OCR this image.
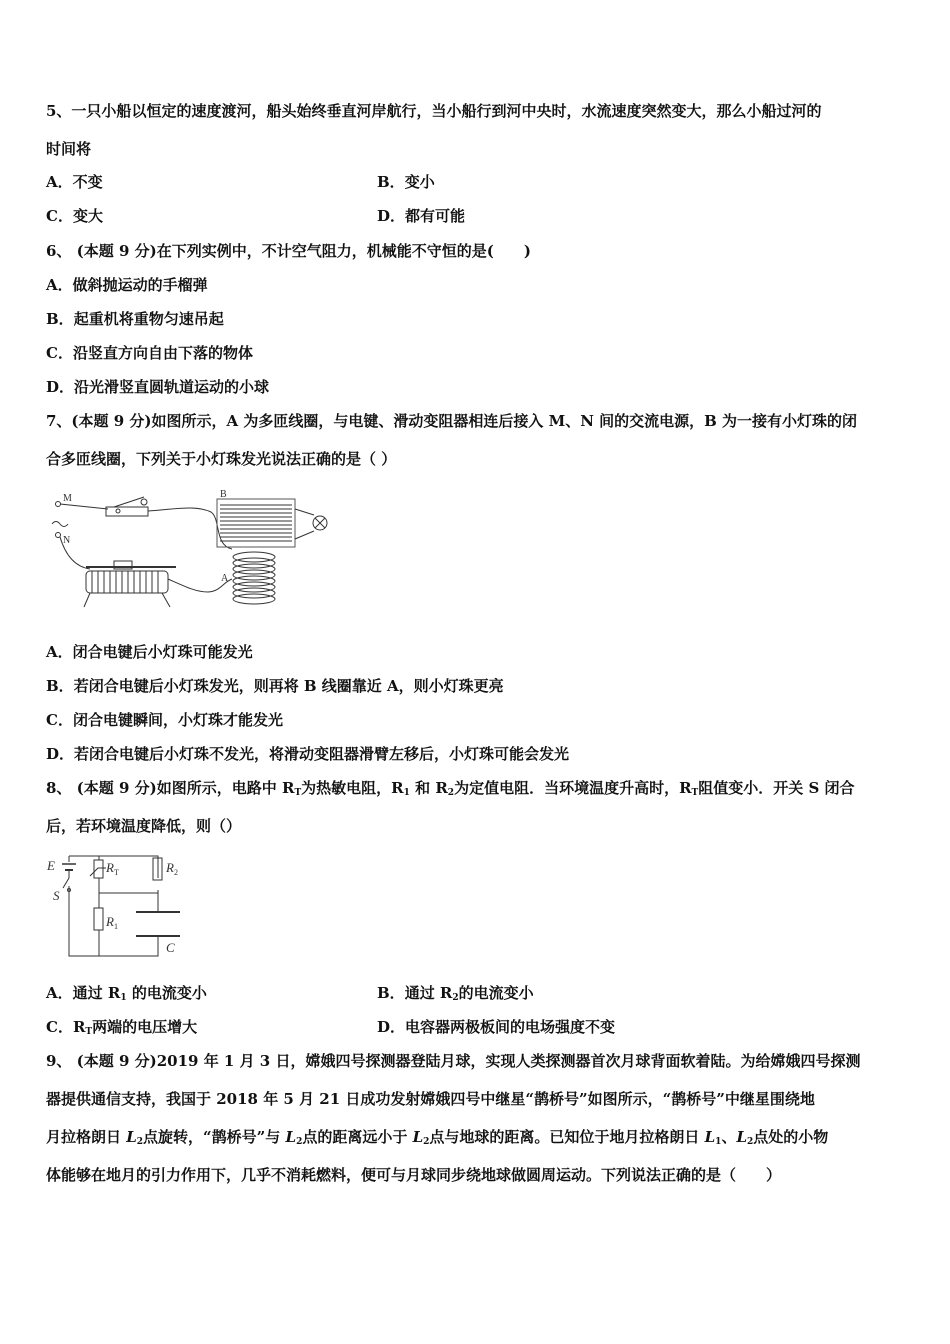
5、一只小船以恒定的速度渡河，船头始终垂直河岸航行，当小船行到河中央时，水流速度突然变大，那么小船过河的
时间将
A．不变	B．变小
C．变大	D．都有可能
6、 (本题 9 分)在下列实例中，不计空气阻力，机械能不守恒的是(　　)
A．做斜抛运动的手榴弹
B．起重机将重物匀速吊起
C．沿竖直方向自由下落的物体
D．沿光滑竖直圆轨道运动的小球
7、(本题 9 分)如图所示，A 为多匝线圈，与电键、滑动变阻器相连后接入 M、N 间的交流电源，B 为一接有小灯珠的闭
合多匝线圈，下列关于小灯珠发光说法正确的是（ ）
M
N
A
B
A．闭合电键后小灯珠可能发光
B．若闭合电键后小灯珠发光，则再将 B 线圈靠近 A，则小灯珠更亮
C．闭合电键瞬间，小灯珠才能发光
D．若闭合电键后小灯珠不发光，将滑动变阻器滑臂左移后，小灯珠可能会发光
8、 (本题 9 分)如图所示，电路中 $R_T$为热敏电阻，$R_1$ 和 $R_2$为定值电阻．当环境温度升高时，$R_T$阻值变小．开关 S 闭合
后，若环境温度降低，则（）
E
S
$R_T$
$R_1$
$R_2$
C
A．通过 $R_1$ 的电流变小	B．通过 $R_2$的电流变小
C．$R_T$两端的电压增大	D．电容器两极板间的电场强度不变
9、 (本题 9 分)2019 年 1 月 3 日，嫦娥四号探测器登陆月球，实现人类探测器首次月球背面软着陆。为给嫦娥四号探测
器提供通信支持，我国于 2018 年 5 月 21 日成功发射嫦娥四号中继星“鹊桥号”如图所示，“鹊桥号”中继星围绕地
月拉格朗日 $L_2$点旋转，“鹊桥号”与 $L_2$点的距离远小于 $L_2$点与地球的距离。已知位于地月拉格朗日 $L_1$、$L_2$点处的小物
体能够在地月的引力作用下，几乎不消耗燃料，便可与月球同步绕地球做圆周运动。下列说法正确的是（　　）
